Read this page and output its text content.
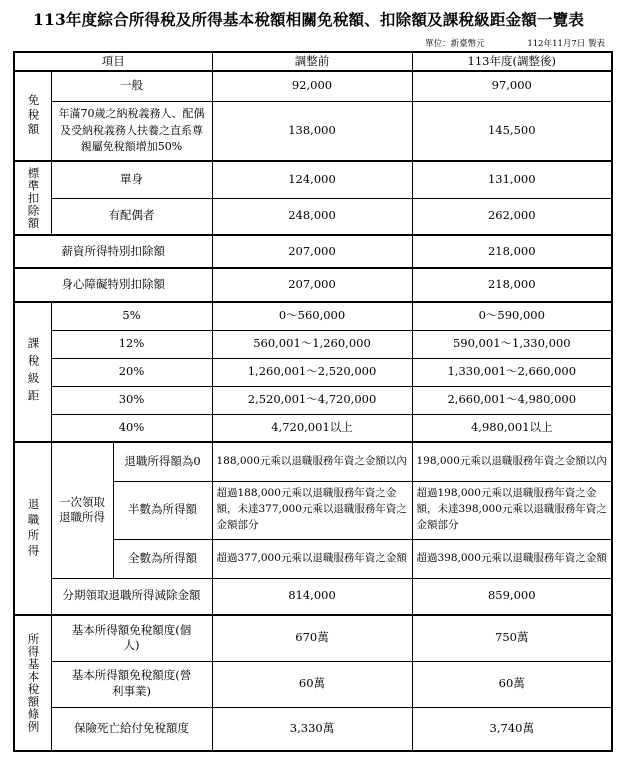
113年度綜合所得稅及所得基本稅額相關免稅額、扣除額及課稅級距金額一覽表
單位：新臺幣元	112年11月7日 製表
項目			調整前	113年度(調整後)

免稅額	一般		92,000	97,000
	年滿70歲之納稅義務人、配偶及受納稅義務人扶養之直系尊親屬免稅額增加50%		138,000	145,500

標準扣除額	單身		124,000	131,000
	有配偶者		248,000	262,000
薪資所得特別扣除額			207,000	218,000
身心障礙特別扣除額			207,000	218,000

課稅級距	5%		0～560,000	0～590,000
	12%		560,001～1,260,000	590,001～1,330,000
	20%		1,260,001～2,520,000	1,330,001～2,660,000
	30%		2,520,001～4,720,000	2,660,001～4,980,000
	40%		4,720,001以上	4,980,001以上

退職所得	一次領取退職所得	退職所得額為0	188,000元乘以退職服務年資之金額以內	198,000元乘以退職服務年資之金額以內
		半數為所得額	超過188,000元乘以退職服務年資之金額，未達377,000元乘以退職服務年資之金額部分	超過198,000元乘以退職服務年資之金額，未達398,000元乘以退職服務年資之金額部分
		全數為所得額	超過377,000元乘以退職服務年資之金額	超過398,000元乘以退職服務年資之金額
	分期領取退職所得減除金額		814,000	859,000

所得基本稅額條例	基本所得額免稅額度(個人)		670萬	750萬
	基本所得額免稅額度(營利事業)		60萬	60萬
	保險死亡給付免稅額度		3,330萬	3,740萬
